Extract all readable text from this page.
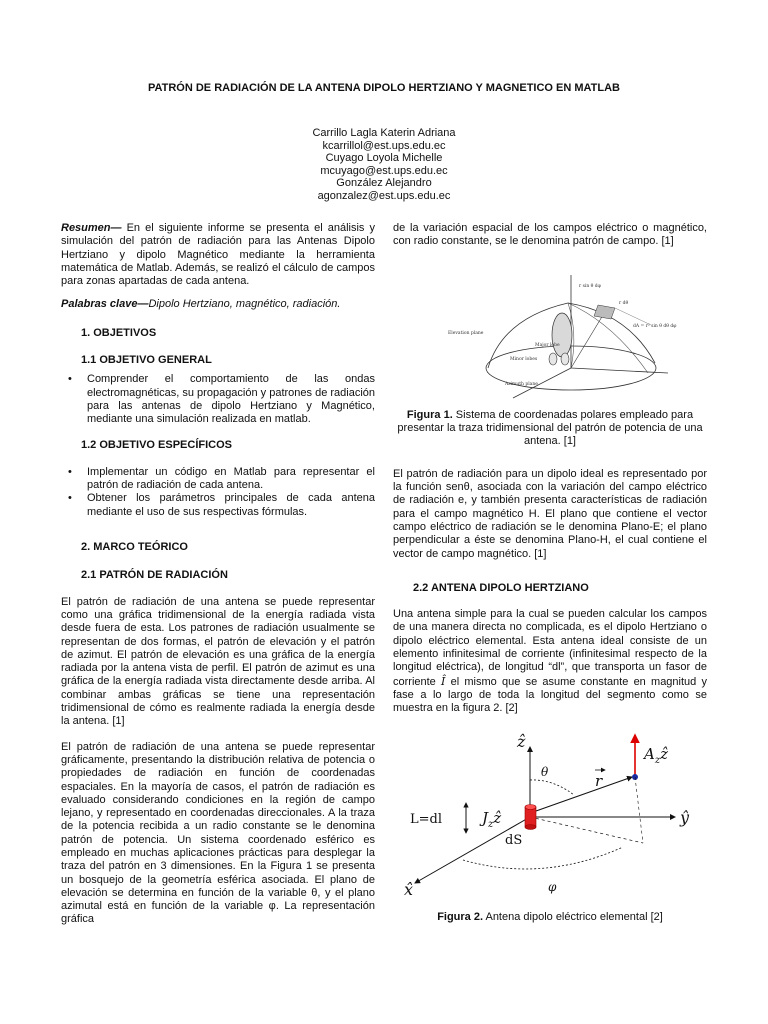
PATRÓN DE RADIACIÓN DE LA ANTENA DIPOLO HERTZIANO Y MAGNETICO EN MATLAB
Carrillo Lagla Katerin Adriana
kcarrillol@est.ups.edu.ec
Cuyago Loyola Michelle
mcuyago@est.ups.edu.ec
González Alejandro
agonzalez@est.ups.edu.ec

Resumen— En el siguiente informe se presenta el análisis y simulación del patrón de radiación para las Antenas Dipolo Hertziano y dipolo Magnético mediante la herramienta matemática de Matlab. Además, se realizó el cálculo de campos para zonas apartadas de cada antena.

Palabras clave—Dipolo Hertziano, magnético, radiación.

1. OBJETIVOS
1.1 OBJETIVO GENERAL
• Comprender el comportamiento de las ondas electromagnéticas, su propagación y patrones de radiación para las antenas de dipolo Hertziano y Magnético, mediante una simulación realizada en matlab.
1.2 OBJETIVO ESPECÍFICOS
• Implementar un código en Matlab para representar el patrón de radiación de cada antena.
• Obtener los parámetros principales de cada antena mediante el uso de sus respectivas fórmulas.
2. MARCO TEÓRICO
2.1 PATRÓN DE RADIACIÓN

El patrón de radiación de una antena se puede representar como una gráfica tridimensional de la energía radiada vista desde fuera de esta. Los patrones de radiación usualmente se representan de dos formas, el patrón de elevación y el patrón de azimut. El patrón de elevación es una gráfica de la energía radiada por la antena vista de perfil. El patrón de azimut es una gráfica de la energía radiada vista directamente desde arriba. Al combinar ambas gráficas se tiene una representación tridimensional de cómo es realmente radiada la energía desde la antena. [1]

El patrón de radiación de una antena se puede representar gráficamente, presentando la distribución relativa de potencia o propiedades de radiación en función de coordenadas espaciales. En la mayoría de casos, el patrón de radiación es evaluado considerando condiciones en la región de campo lejano, y representado en coordenadas direccionales. A la traza de la potencia recibida a un radio constante se le denomina patrón de potencia. Un sistema coordenado esférico es empleado en muchas aplicaciones prácticas para desplegar la traza del patrón en 3 dimensiones. En la Figura 1 se presenta un bosquejo de la geometría esférica asociada. El plano de elevación se determina en función de la variable θ, y el plano azimutal está en función de la variable φ. La representación gráfica

de la variación espacial de los campos eléctrico o magnético, con radio constante, se le denomina patrón de campo. [1]

Elevation plane
Major lobe
Minor lobes
Azimuth plane
r sin θ dφ
r dθ
dA = r² sin θ dθ dφ
Figura 1. Sistema de coordenadas polares empleado para presentar la traza tridimensional del patrón de potencia de una antena. [1]

El patrón de radiación para un dipolo ideal es representado por la función senθ, asociada con la variación del campo eléctrico de radiación e, y también presenta características de radiación para el campo magnético H. El plano que contiene el vector campo eléctrico de radiación se le denomina Plano-E; el plano perpendicular a éste se denomina Plano-H, el cual contiene el vector de campo magnético. [1]

2.2 ANTENA DIPOLO HERTZIANO

Una antena simple para la cual se pueden calcular los campos de una manera directa no complicada, es el dipolo Hertziano o dipolo eléctrico elemental. Esta antena ideal consiste de un elemento infinitesimal de corriente (infinitesimal respecto de la longitud eléctrica), de longitud “dl”, que transporta un fasor de corriente Î el mismo que se asume constante en magnitud y fase a lo largo de toda la longitud del segmento como se muestra en la figura 2. [2]

ẑ
ŷ
x̂
θ
φ
r
$A_zẑ$
$J_zẑ$
L=dl
dS
Figura 2. Antena dipolo eléctrico elemental [2]
